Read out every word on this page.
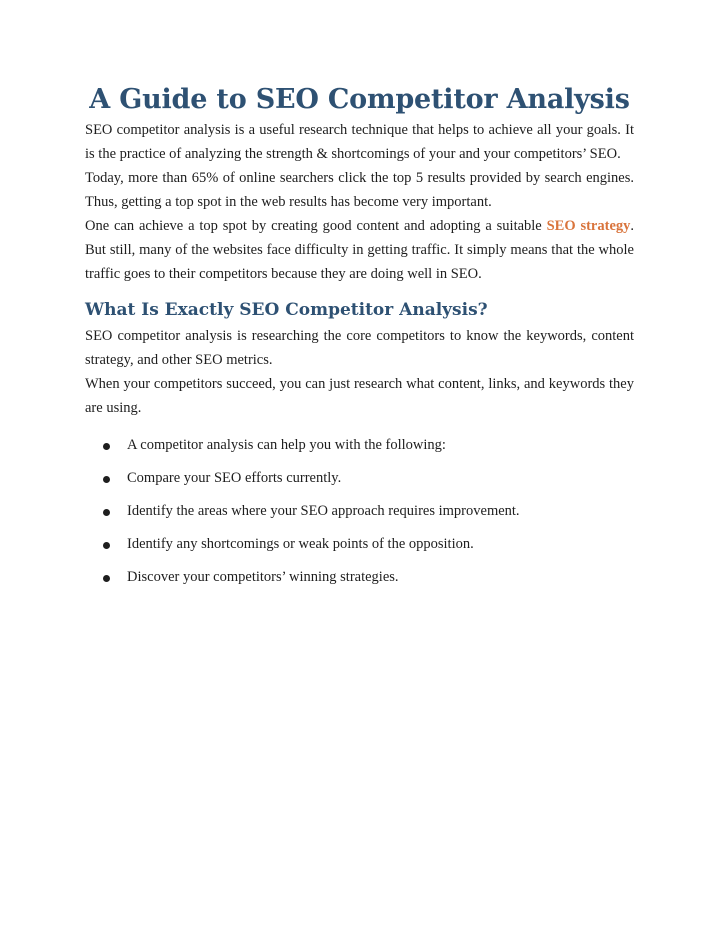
A Guide to SEO Competitor Analysis

SEO competitor analysis is a useful research technique that helps to achieve all your goals. It is the practice of analyzing the strength & shortcomings of your and your competitors’ SEO.

Today, more than 65% of online searchers click the top 5 results provided by search engines. Thus, getting a top spot in the web results has become very important.

One can achieve a top spot by creating good content and adopting a suitable SEO strategy. But still, many of the websites face difficulty in getting traffic. It simply means that the whole traffic goes to their competitors because they are doing well in SEO.

What Is Exactly SEO Competitor Analysis?

SEO competitor analysis is researching the core competitors to know the keywords, content strategy, and other SEO metrics.

When your competitors succeed, you can just research what content, links, and keywords they are using.

A competitor analysis can help you with the following:
Compare your SEO efforts currently.
Identify the areas where your SEO approach requires improvement.
Identify any shortcomings or weak points of the opposition.
Discover your competitors’ winning strategies.
